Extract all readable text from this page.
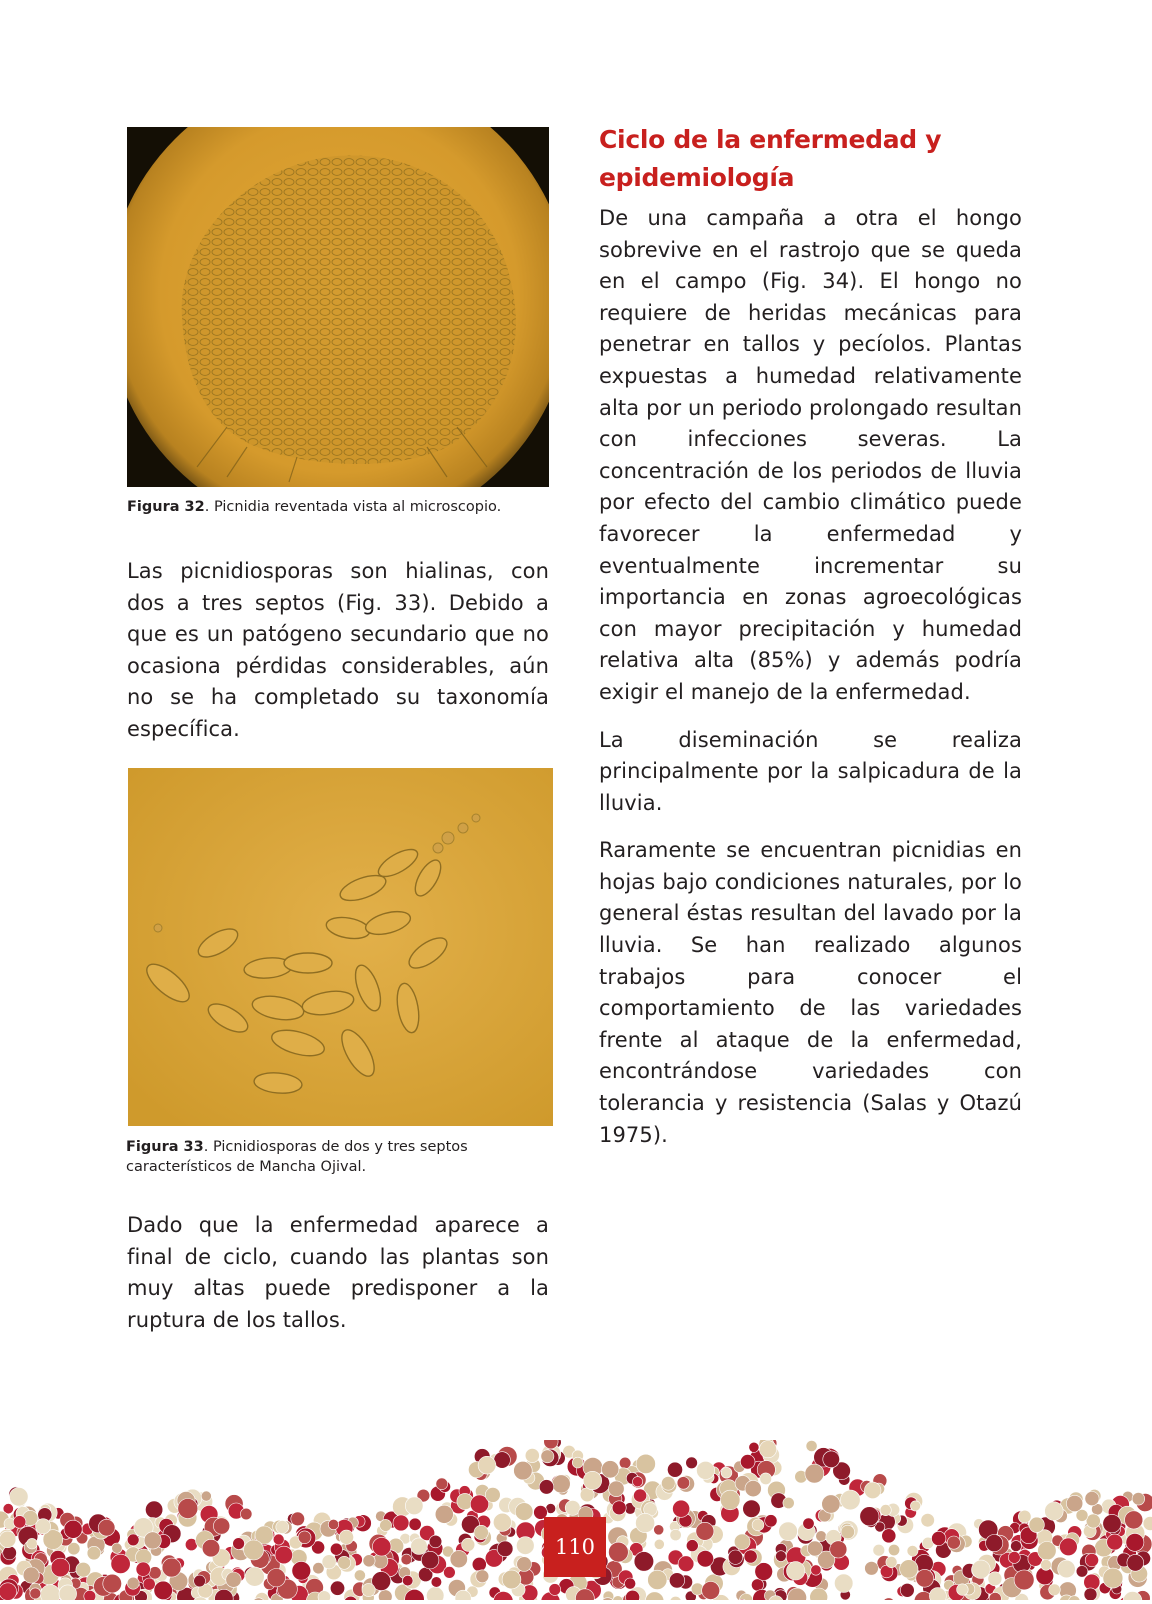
Figura 32. Picnidia reventada vista al microscopio.

Las picnidiosporas son hialinas, con dos a tres septos (Fig. 33). Debido a que es un patógeno secundario que no ocasiona pérdidas considerables, aún no se ha completado su taxonomía específica.

Figura 33. Picnidiosporas de dos y tres septos característicos de Mancha Ojival.

Dado que la enfermedad aparece a final de ciclo, cuando las plantas son muy altas puede predisponer a la ruptura de los tallos.

Ciclo de la enfermedad y epidemiología

De una campaña a otra el hongo sobrevive en el rastrojo que se queda en el campo (Fig. 34). El hongo no requiere de heridas mecánicas para penetrar en tallos y pecíolos. Plantas expuestas a humedad relativamente alta por un periodo prolongado resultan con infecciones severas. La concentración de los periodos de lluvia por efecto del cambio climático puede favorecer la enfermedad y eventualmente incrementar su importancia en zonas agroecológicas con mayor precipitación y humedad relativa alta (85%) y además podría exigir el manejo de la enfermedad.

La diseminación se realiza principalmente por la salpicadura de la lluvia.

Raramente se encuentran picnidias en hojas bajo condiciones naturales, por lo general éstas resultan del lavado por la lluvia. Se han realizado algunos trabajos para conocer el comportamiento de las variedades frente al ataque de la enfermedad, encontrándose variedades con tolerancia y resistencia (Salas y Otazú 1975).

110
